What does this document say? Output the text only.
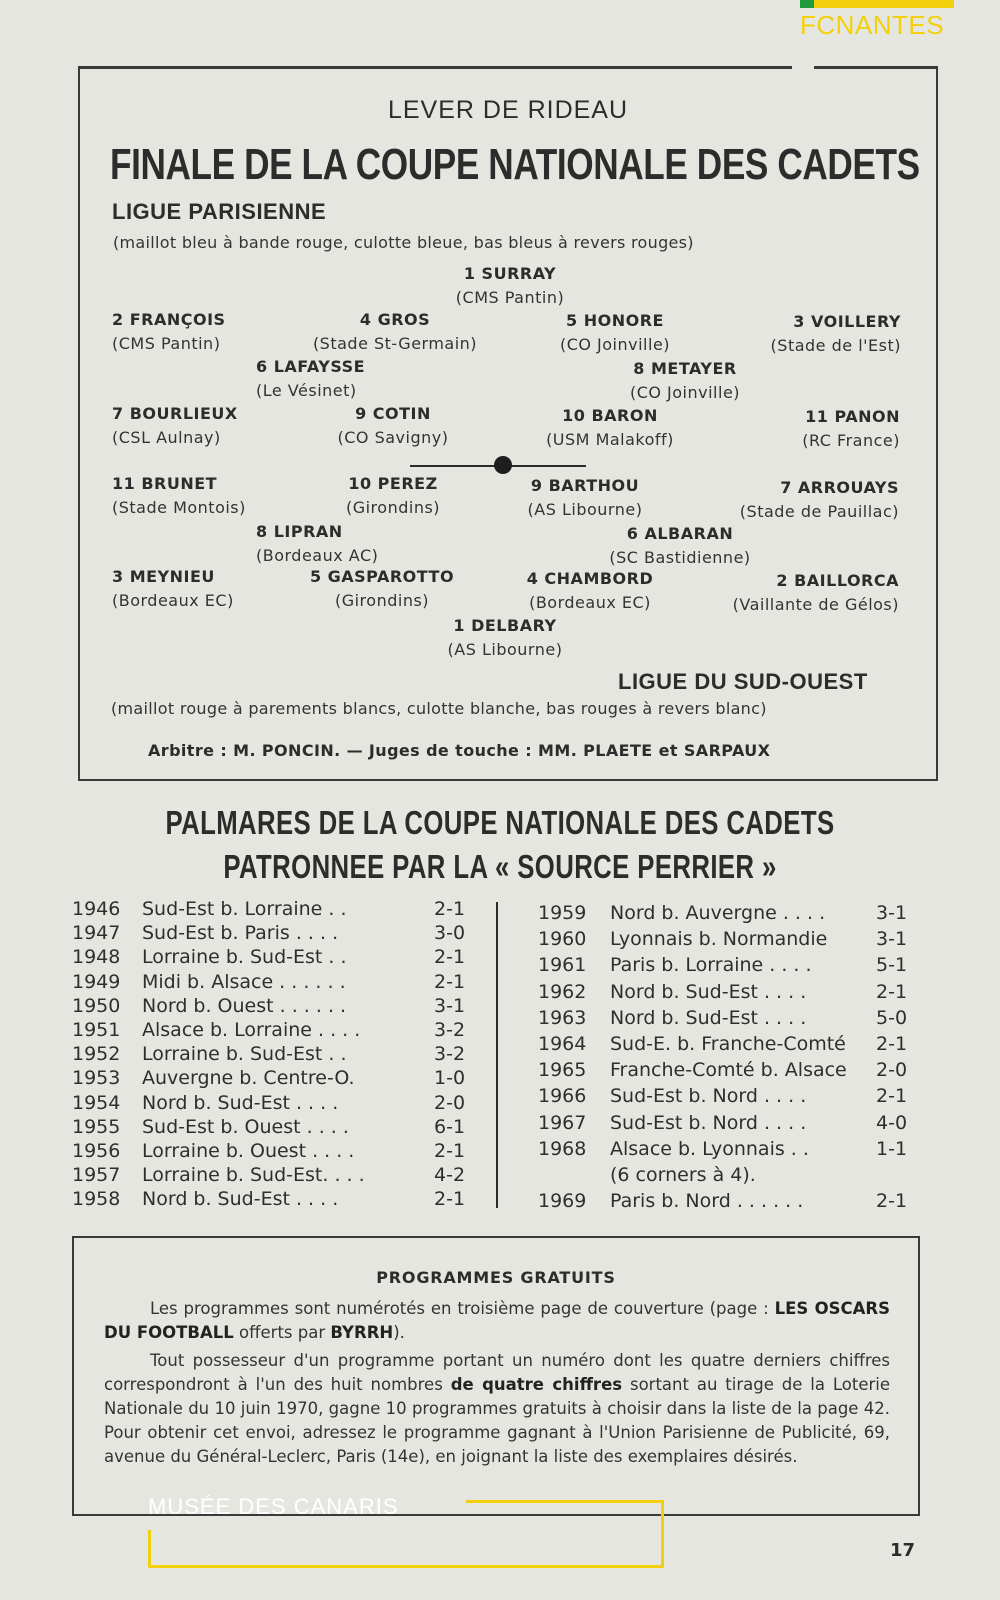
FCNANTES
LEVER DE RIDEAU
FINALE DE LA COUPE NATIONALE DES CADETS
LIGUE PARISIENNE
(maillot bleu à bande rouge, culotte bleue, bas bleus à revers rouges)
1 SURRAY
(CMS Pantin)
2 FRANÇOIS
(CMS Pantin)
4 GROS
(Stade St-Germain)
5 HONORE
(CO Joinville)
3 VOILLERY
(Stade de l'Est)
6 LAFAYSSE
(Le Vésinet)
8 METAYER
(CO Joinville)
7 BOURLIEUX
(CSL Aulnay)
9 COTIN
(CO Savigny)
10 BARON
(USM Malakoff)
11 PANON
(RC France)
11 BRUNET
(Stade Montois)
10 PEREZ
(Girondins)
9 BARTHOU
(AS Libourne)
7 ARROUAYS
(Stade de Pauillac)
8 LIPRAN
(Bordeaux AC)
6 ALBARAN
(SC Bastidienne)
3 MEYNIEU
(Bordeaux EC)
5 GASPAROTTO
(Girondins)
4 CHAMBORD
(Bordeaux EC)
2 BAILLORCA
(Vaillante de Gélos)
1 DELBARY
(AS Libourne)
LIGUE DU SUD-OUEST
(maillot rouge à parements blancs, culotte blanche, bas rouges à revers blanc)
Arbitre : M. PONCIN. — Juges de touche : MM. PLAETE et SARPAUX
PALMARES DE LA COUPE NATIONALE DES CADETS
PATRONNEE PAR LA « SOURCE PERRIER »
1946 Sud-Est b. Lorraine . .	2-1
1947 Sud-Est b. Paris . . . .	3-0
1948 Lorraine b. Sud-Est . .	2-1
1949 Midi b. Alsace . . . . . .	2-1
1950 Nord b. Ouest . . . . . .	3-1
1951 Alsace b. Lorraine . . . .	3-2
1952 Lorraine b. Sud-Est . .	3-2
1953 Auvergne b. Centre-O.	1-0
1954 Nord b. Sud-Est . . . .	2-0
1955 Sud-Est b. Ouest . . . .	6-1
1956 Lorraine b. Ouest . . . .	2-1
1957 Lorraine b. Sud-Est. . . .	4-2
1958 Nord b. Sud-Est . . . .	2-1
1959 Nord b. Auvergne . . . .	3-1
1960 Lyonnais b. Normandie	3-1
1961 Paris b. Lorraine . . . .	5-1
1962 Nord b. Sud-Est . . . .	2-1
1963 Nord b. Sud-Est . . . .	5-0
1964 Sud-E. b. Franche-Comté 2-1
1965 Franche-Comté b. Alsace 2-0
1966 Sud-Est b. Nord . . . .	2-1
1967 Sud-Est b. Nord . . . .	4-0
1968 Alsace b. Lyonnais . .	1-1
(6 corners à 4).
1969 Paris b. Nord . . . . . .	2-1
PROGRAMMES GRATUITS
Les programmes sont numérotés en troisième page de couverture (page : LES OSCARS DU FOOTBALL offerts par BYRRH).
Tout possesseur d'un programme portant un numéro dont les quatre derniers chiffres correspondront à l'un des huit nombres de quatre chiffres sortant au tirage de la Loterie Nationale du 10 juin 1970, gagne 10 programmes gratuits à choisir dans la liste de la page 42. Pour obtenir cet envoi, adressez le programme gagnant à l'Union Parisienne de Publicité, 69, avenue du Général-Leclerc, Paris (14e), en joignant la liste des exemplaires désirés.
MUSÉE DES CANARIS
17
